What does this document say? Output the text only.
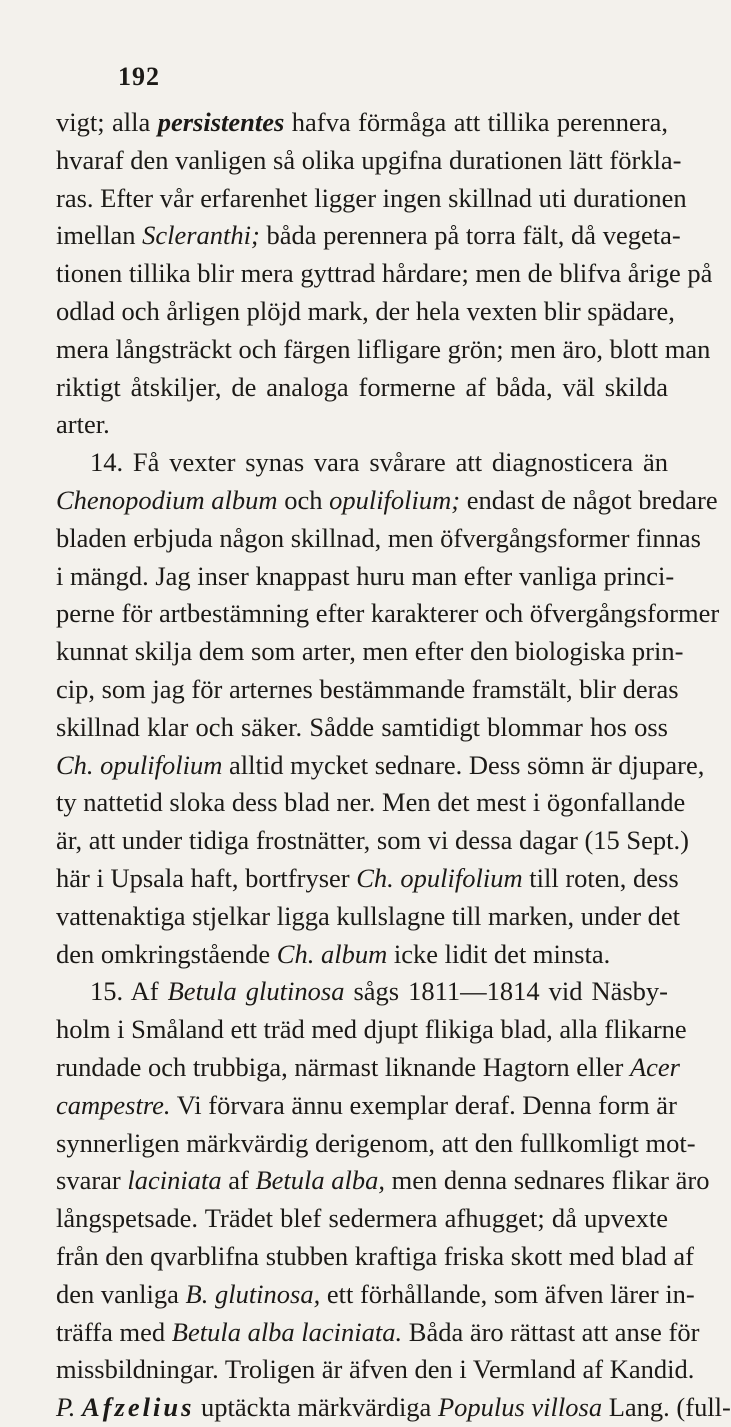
192
vigt; alla persistentes hafva förmåga att tillika perennera,
hvaraf den vanligen så olika upgifna durationen lätt förkla-
ras. Efter vår erfarenhet ligger ingen skillnad uti durationen
imellan Scleranthi; båda perennera på torra fält, då vegeta-
tionen tillika blir mera gyttrad hårdare; men de blifva årige på
odlad och årligen plöjd mark, der hela vexten blir spädare,
mera långsträckt och färgen lifligare grön; men äro, blott man
riktigt åtskiljer, de analoga formerne af båda, väl skilda
arter.
14. Få vexter synas vara svårare att diagnosticera än
Chenopodium album och opulifolium; endast de något bredare
bladen erbjuda någon skillnad, men öfvergångsformer finnas
i mängd. Jag inser knappast huru man efter vanliga princi-
perne för artbestämning efter karakterer och öfvergångsformer
kunnat skilja dem som arter, men efter den biologiska prin-
cip, som jag för arternes bestämmande framstält, blir deras
skillnad klar och säker. Sådde samtidigt blommar hos oss
Ch. opulifolium alltid mycket sednare. Dess sömn är djupare,
ty nattetid sloka dess blad ner. Men det mest i ögonfallande
är, att under tidiga frostnätter, som vi dessa dagar (15 Sept.)
här i Upsala haft, bortfryser Ch. opulifolium till roten, dess
vattenaktiga stjelkar ligga kullslagne till marken, under det
den omkringstående Ch. album icke lidit det minsta.
15. Af Betula glutinosa sågs 1811—1814 vid Näsby-
holm i Småland ett träd med djupt flikiga blad, alla flikarne
rundade och trubbiga, närmast liknande Hagtorn eller Acer
campestre. Vi förvara ännu exemplar deraf. Denna form är
synnerligen märkvärdig derigenom, att den fullkomligt mot-
svarar laciniata af Betula alba, men denna sednares flikar äro
långspetsade. Trädet blef sedermera afhugget; då upvexte
från den qvarblifna stubben kraftiga friska skott med blad af
den vanliga B. glutinosa, ett förhållande, som äfven lärer in-
träffa med Betula alba laciniata. Båda äro rättast att anse för
missbildningar. Troligen är äfven den i Vermland af Kandid.
P. Afzelius uptäckta märkvärdiga Populus villosa Lang. (full-
